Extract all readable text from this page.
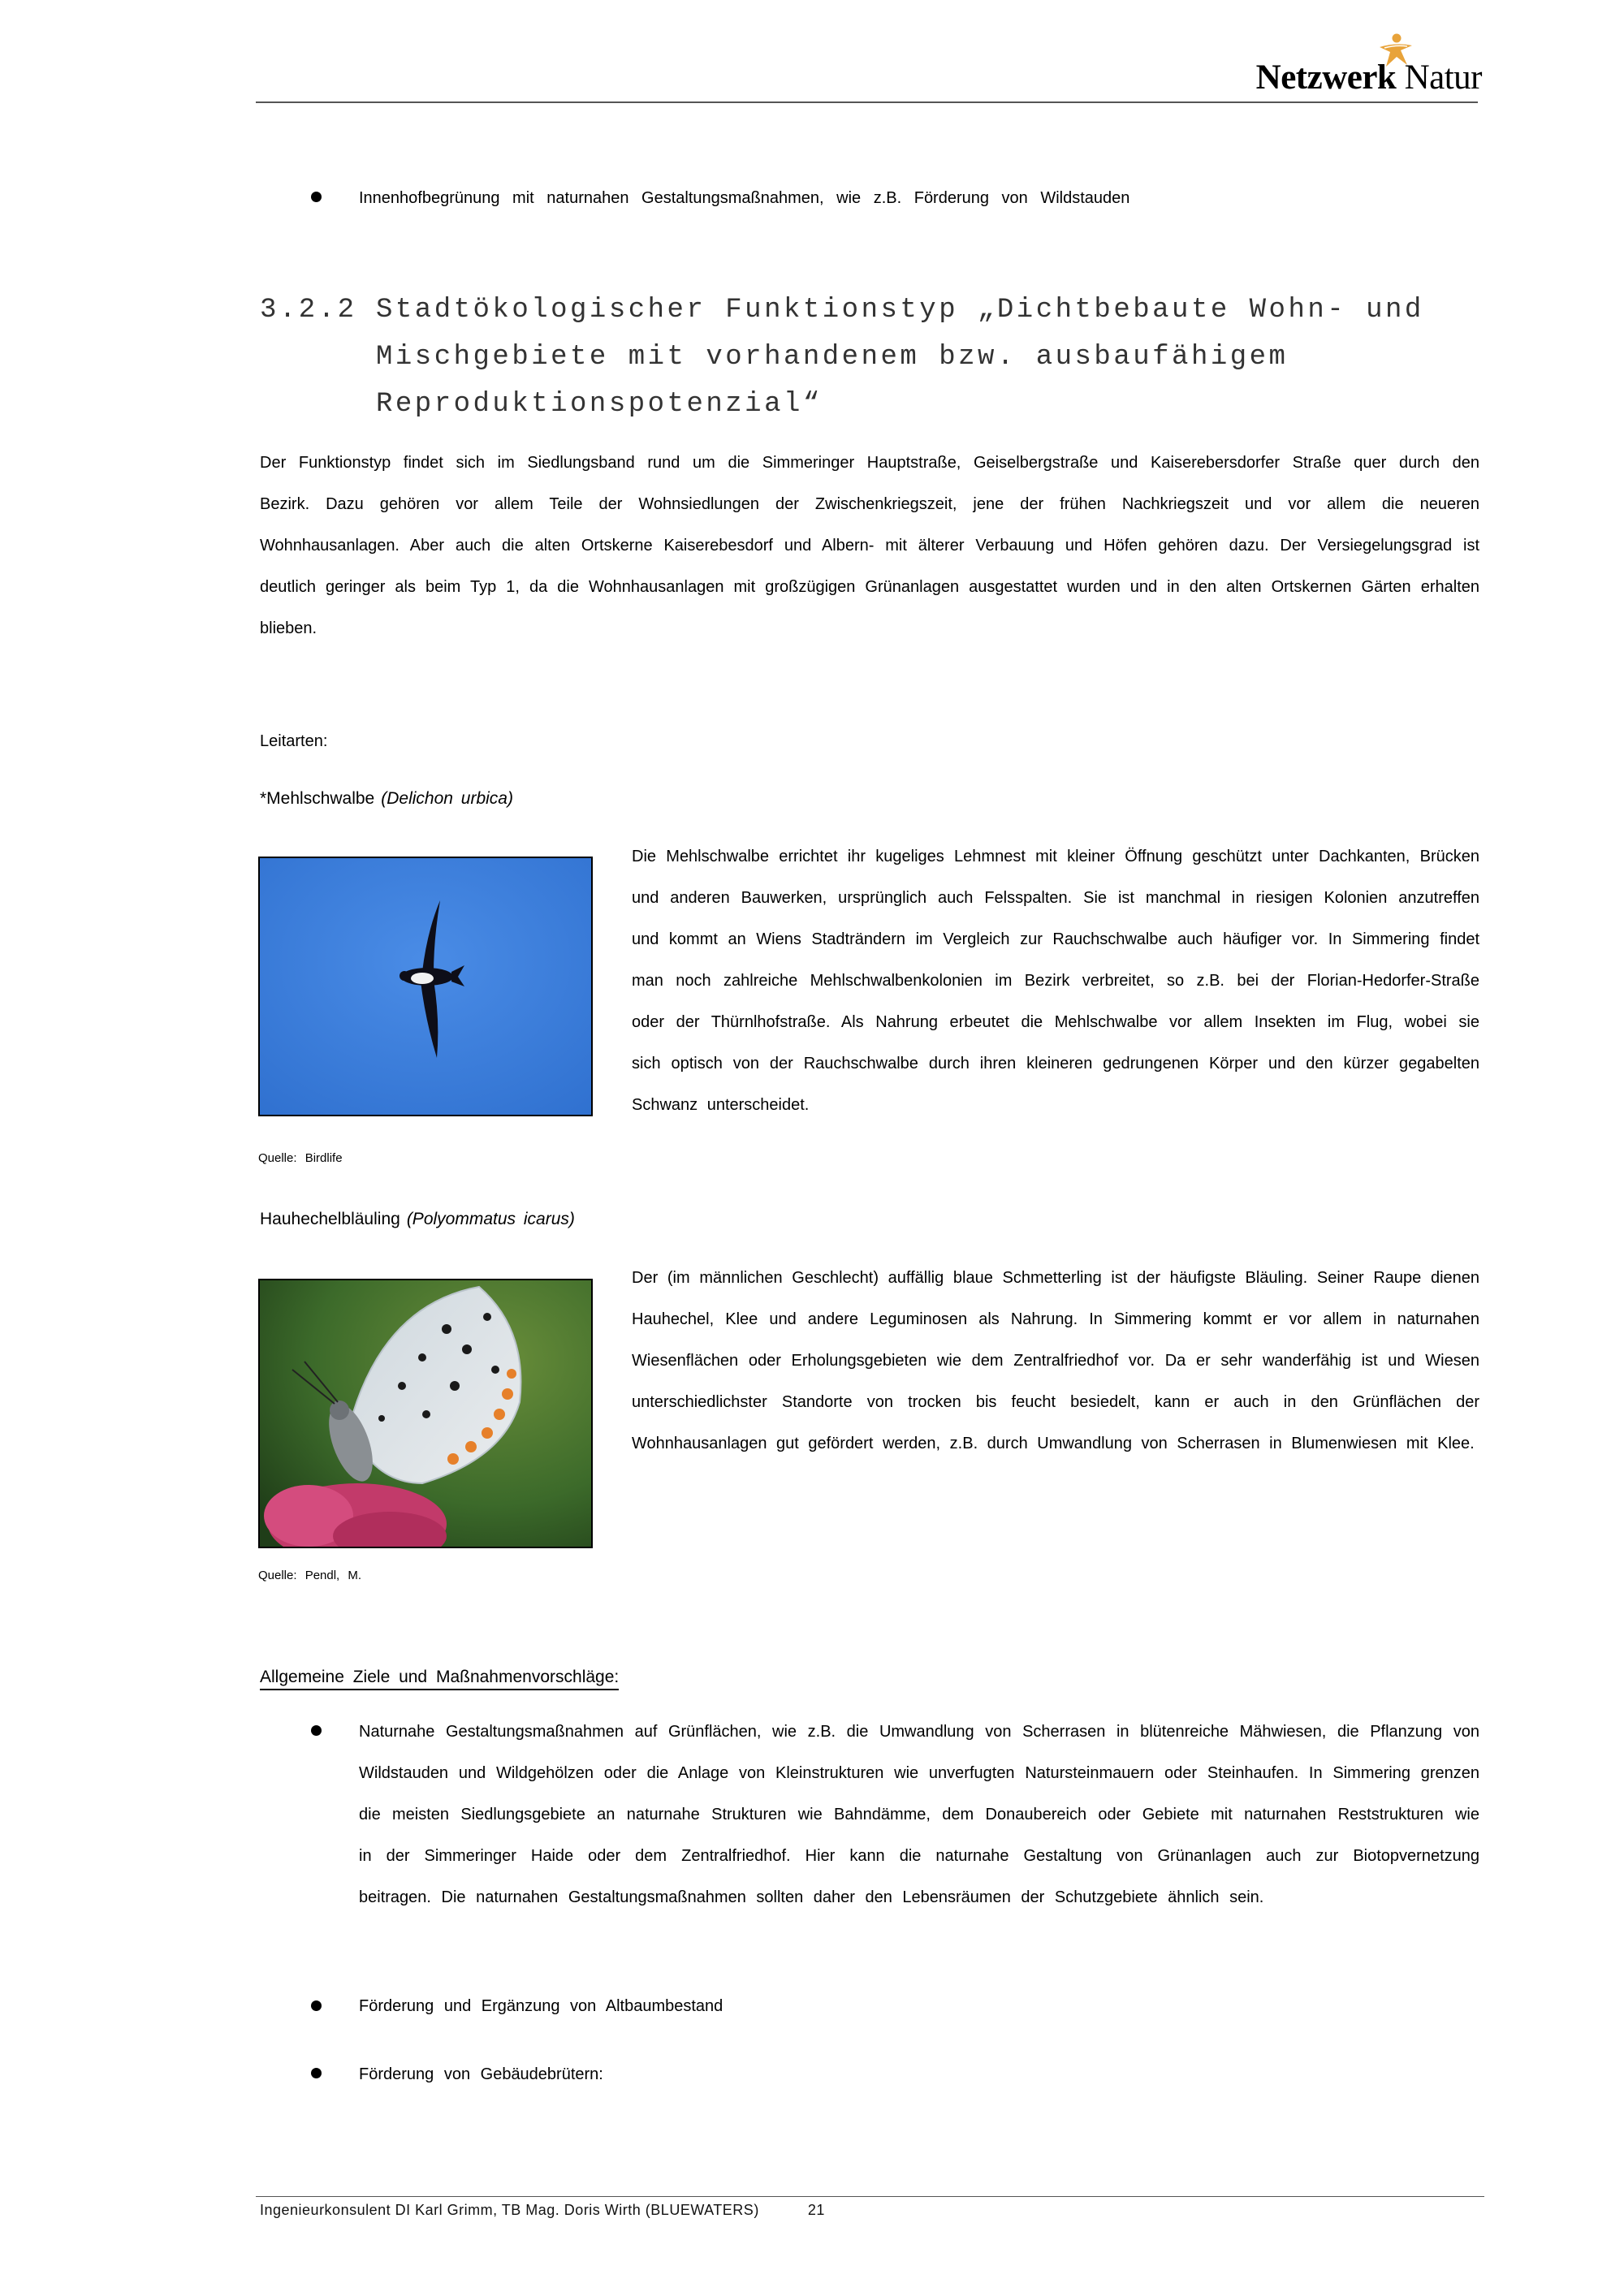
Netzwerk Natur
Innenhofbegrünung mit naturnahen Gestaltungsmaßnahmen, wie z.B. Förderung von Wildstauden
3.2.2 Stadtökologischer Funktionstyp „Dichtbebaute Wohn- und
Mischgebiete mit vorhandenem bzw. ausbaufähigem
Reproduktionspotenzial“
Der Funktionstyp findet sich im Siedlungsband rund um die Simmeringer Hauptstraße, Geiselbergstraße und Kaiserebersdorfer Straße quer durch den Bezirk. Dazu gehören vor allem Teile der Wohnsiedlungen der Zwischenkriegszeit, jene der frühen Nachkriegszeit und vor allem die neueren Wohnhausanlagen. Aber auch die alten Ortskerne Kaiserebesdorf und Albern- mit älterer Verbauung und Höfen gehören dazu. Der Versiegelungsgrad ist deutlich geringer als beim Typ 1, da die Wohnhausanlagen mit großzügigen Grünanlagen ausgestattet wurden und in den alten Ortskernen Gärten erhalten blieben.
Leitarten:
*Mehlschwalbe (Delichon urbica)
Die Mehlschwalbe errichtet ihr kugeliges Lehmnest mit kleiner Öffnung geschützt unter Dachkanten, Brücken und anderen Bauwerken, ursprünglich auch Felsspalten. Sie ist manchmal in riesigen Kolonien anzutreffen und kommt an Wiens Stadträndern im Vergleich zur Rauchschwalbe auch häufiger vor. In Simmering findet man noch zahlreiche Mehlschwalbenkolonien im Bezirk verbreitet, so z.B. bei der Florian-Hedorfer-Straße oder der Thürnlhofstraße. Als Nahrung erbeutet die Mehlschwalbe vor allem Insekten im Flug, wobei sie sich optisch von der Rauchschwalbe durch ihren kleineren gedrungenen Körper und den kürzer gegabelten Schwanz unterscheidet.
Quelle: Birdlife
Hauhechelbläuling (Polyommatus icarus)
Der (im männlichen Geschlecht) auffällig blaue Schmetterling ist der häufigste Bläuling. Seiner Raupe dienen Hauhechel, Klee und andere Leguminosen als Nahrung. In Simmering kommt er vor allem in naturnahen Wiesenflächen oder Erholungsgebieten wie dem Zentralfriedhof vor. Da er sehr wanderfähig ist und Wiesen unterschiedlichster Standorte von trocken bis feucht besiedelt, kann er auch in den Grünflächen der Wohnhausanlagen gut gefördert werden, z.B. durch Umwandlung von Scherrasen in Blumenwiesen mit Klee.
Quelle: Pendl, M.
Allgemeine Ziele und Maßnahmenvorschläge:
Naturnahe Gestaltungsmaßnahmen auf Grünflächen, wie z.B. die Umwandlung von Scherrasen in blütenreiche Mähwiesen, die Pflanzung von Wildstauden und Wildgehölzen oder die Anlage von Kleinstrukturen wie unverfugten Natursteinmauern oder Steinhaufen. In Simmering grenzen die meisten Siedlungsgebiete an naturnahe Strukturen wie Bahndämme, dem Donaubereich oder Gebiete mit naturnahen Reststrukturen wie in der Simmeringer Haide oder dem Zentralfriedhof. Hier kann die naturnahe Gestaltung von Grünanlagen auch zur Biotopvernetzung beitragen. Die naturnahen Gestaltungsmaßnahmen sollten daher den Lebensräumen der Schutzgebiete ähnlich sein.
Förderung und Ergänzung von Altbaumbestand
Förderung von Gebäudebrütern:
Ingenieurkonsulent DI Karl Grimm, TB Mag. Doris Wirth (BLUEWATERS)	21
